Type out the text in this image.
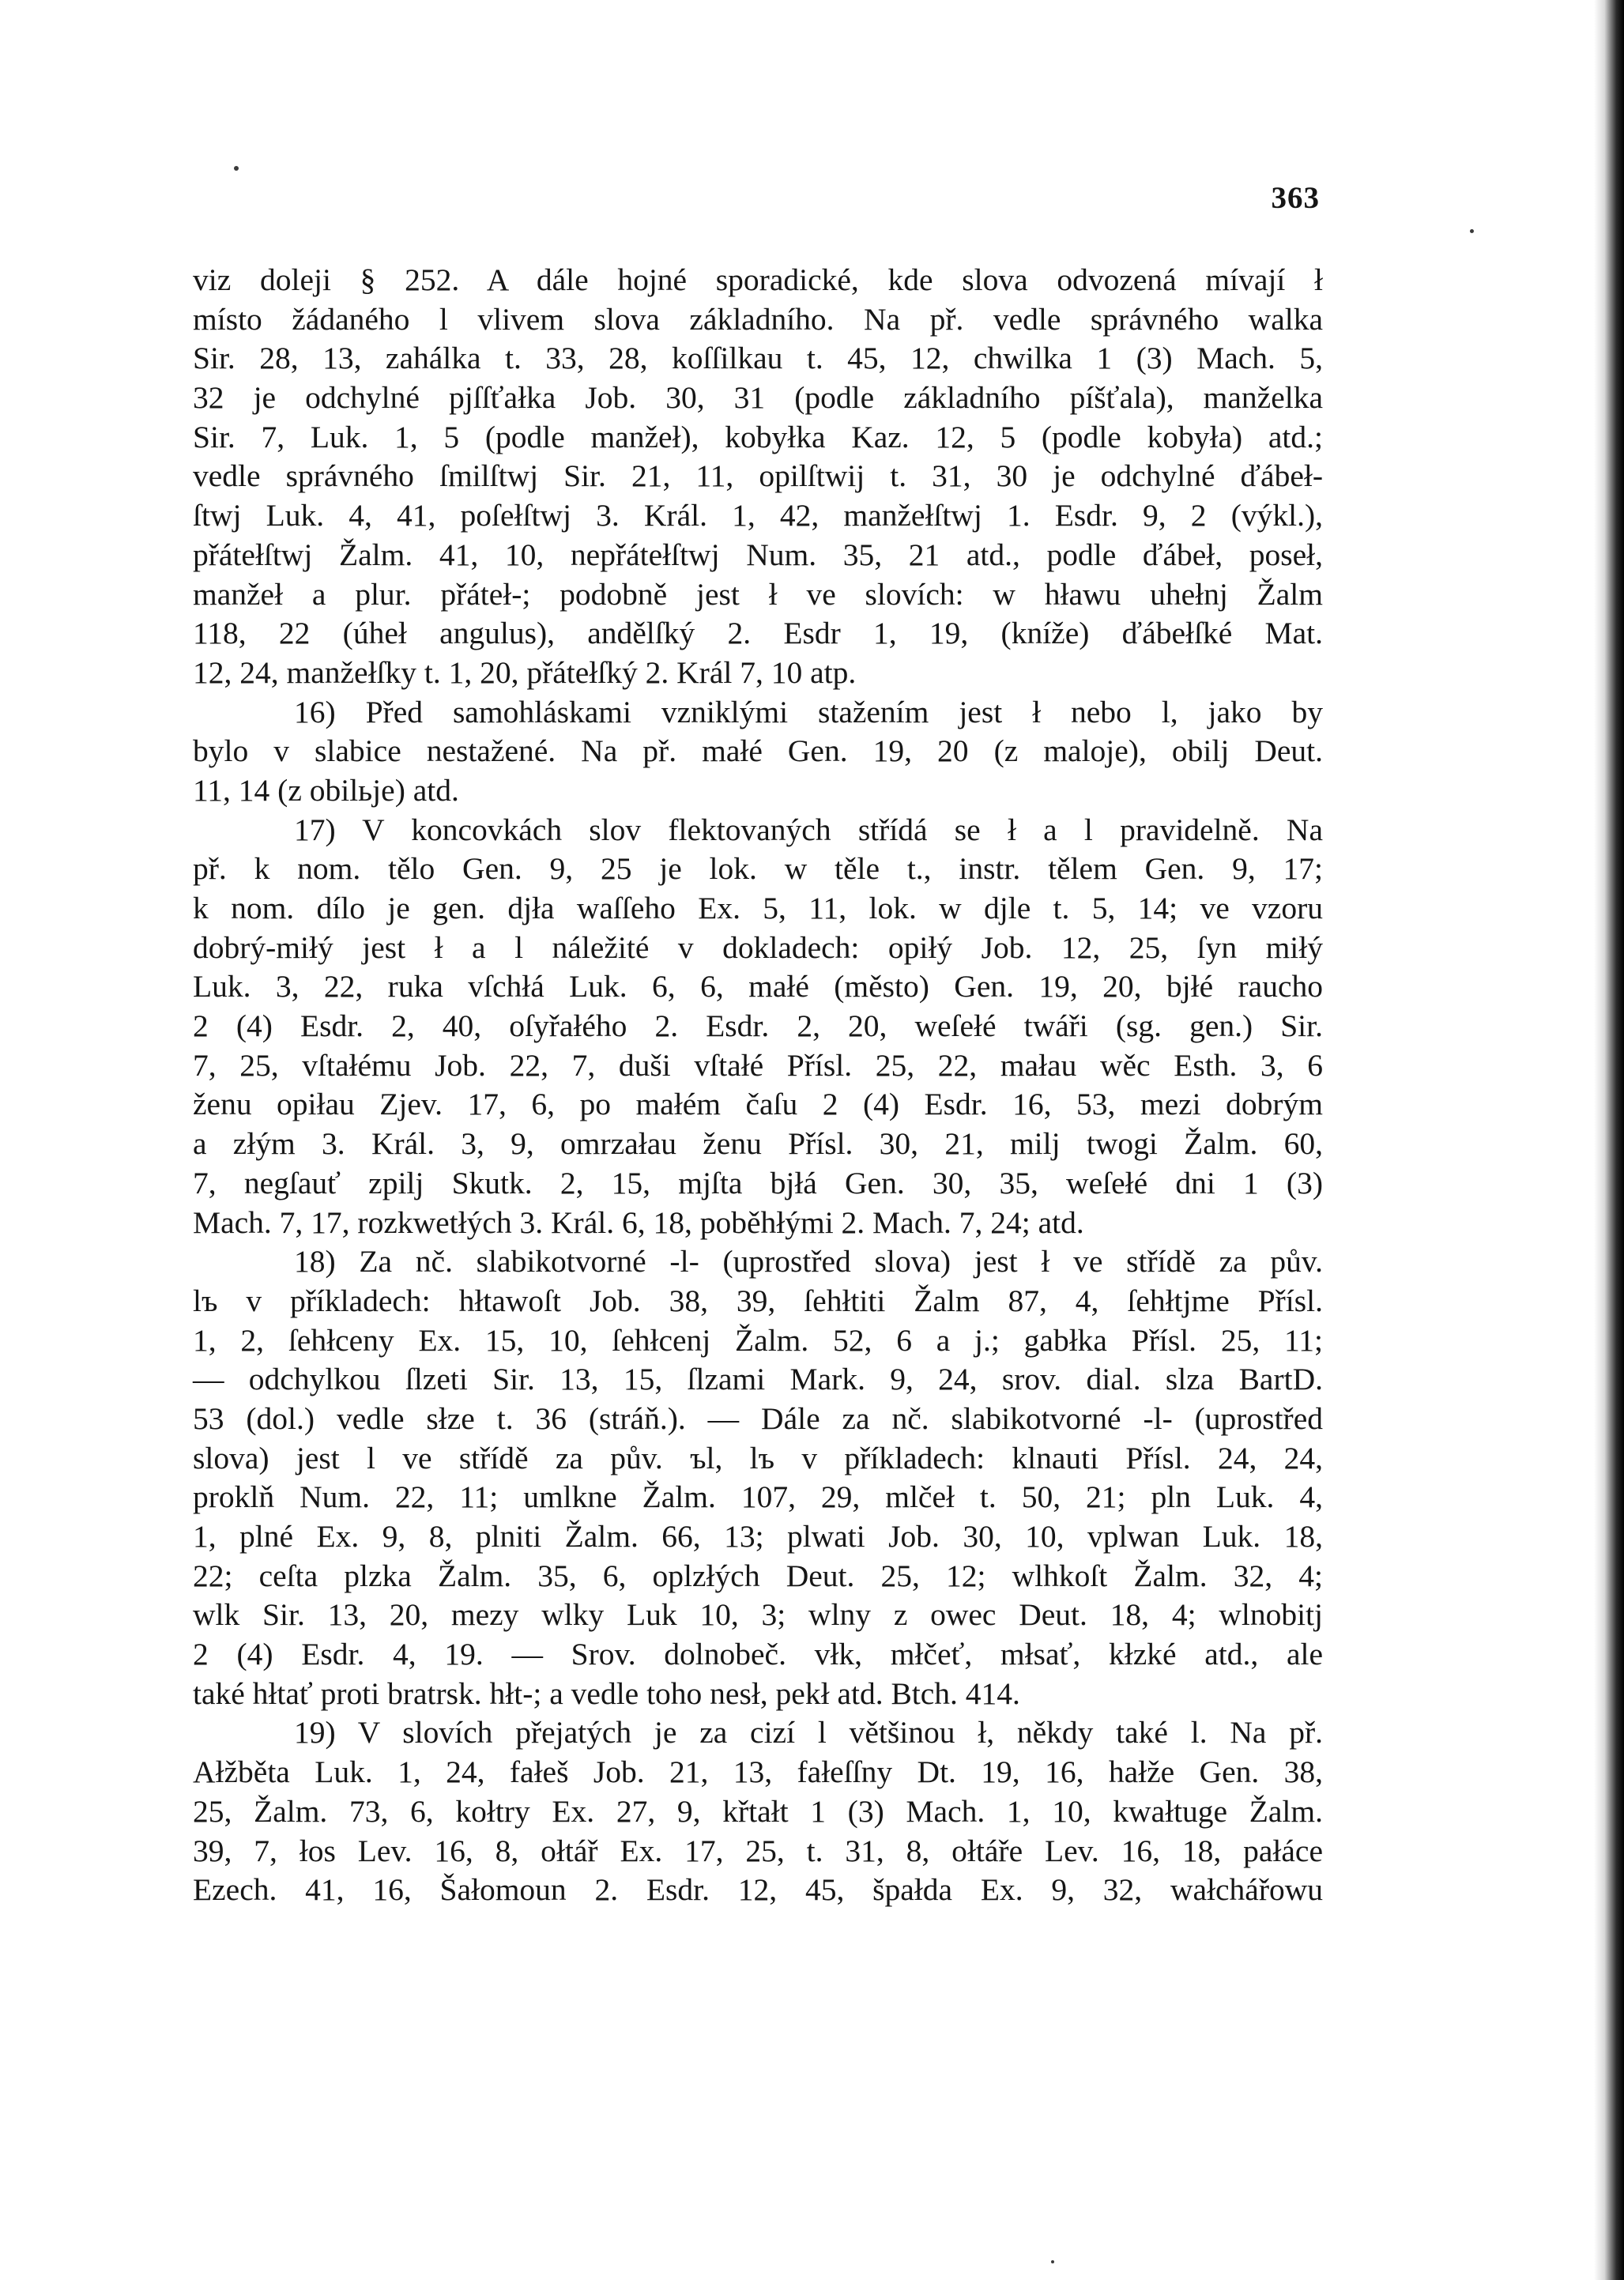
363
viz doleji § 252. A dále hojné sporadické, kde slova odvozená mívají ł
místo žádaného l vlivem slova základního. Na př. vedle správného walka
Sir. 28, 13, zahálka t. 33, 28, koſſilkau t. 45, 12, chwilka 1 (3) Mach. 5,
32 je odchylné pjſſťałka Job. 30, 31 (podle základního píšťala), manželka
Sir. 7, Luk. 1, 5 (podle manžeł), kobyłka Kaz. 12, 5 (podle kobyła) atd.;
vedle správného ſmilſtwj Sir. 21, 11, opilſtwij t. 31, 30 je odchylné ďábeł-
ſtwj Luk. 4, 41, poſełſtwj 3. Král. 1, 42, manžełſtwj 1. Esdr. 9, 2 (výkl.),
přátełſtwj Žalm. 41, 10, nepřátełſtwj Num. 35, 21 atd., podle ďábeł, poseł,
manžeł a plur. přáteł-; podobně jest ł ve slovích: w hławu uhełnj Žalm
118, 22 (úheł angulus), andělſký 2. Esdr 1, 19, (kníže) ďábełſké Mat.
12, 24, manžełſky t. 1, 20, přátełſký 2. Král 7, 10 atp.
16) Před samohláskami vzniklými stažením jest ł nebo l, jako by
bylo v slabice nestažené. Na př. małé Gen. 19, 20 (z maloje), obilj Deut.
11, 14 (z obilьje) atd.
17) V koncovkách slov flektovaných střídá se ł a l pravidelně. Na
př. k nom. tělo Gen. 9, 25 je lok. w těle t., instr. tělem Gen. 9, 17;
k nom. dílo je gen. djła waſſeho Ex. 5, 11, lok. w djle t. 5, 14; ve vzoru
dobrý-miłý jest ł a l náležité v dokladech: opiłý Job. 12, 25, ſyn miłý
Luk. 3, 22, ruka vſchłá Luk. 6, 6, małé (město) Gen. 19, 20, bjłé raucho
2 (4) Esdr. 2, 40, oſyřałého 2. Esdr. 2, 20, weſełé twáři (sg. gen.) Sir.
7, 25, vſtałému Job. 22, 7, duši vſtałé Přísl. 25, 22, małau wěc Esth. 3, 6
ženu opiłau Zjev. 17, 6, po małém čaſu 2 (4) Esdr. 16, 53, mezi dobrým
a złým 3. Král. 3, 9, omrzałau ženu Přísl. 30, 21, milj twogi Žalm. 60,
7, negſauť zpilj Skutk. 2, 15, mjſta bjłá Gen. 30, 35, weſełé dni 1 (3)
Mach. 7, 17, rozkwetłých 3. Král. 6, 18, poběhłými 2. Mach. 7, 24; atd.
18) Za nč. slabikotvorné -l- (uprostřed slova) jest ł ve střídě za pův.
lъ v příkladech: hłtawoſt Job. 38, 39, ſehłtiti Žalm 87, 4, ſehłtjme Přísl.
1, 2, ſehłceny Ex. 15, 10, ſehłcenj Žalm. 52, 6 a j.; gabłka Přísl. 25, 11;
— odchylkou ſlzeti Sir. 13, 15, ſlzami Mark. 9, 24, srov. dial. slza BartD.
53 (dol.) vedle słze t. 36 (stráň.). — Dále za nč. slabikotvorné -l- (uprostřed
slova) jest l ve střídě za pův. ъl, lъ v příkladech: klnauti Přísl. 24, 24,
proklň Num. 22, 11; umlkne Žalm. 107, 29, mlčeł t. 50, 21; pln Luk. 4,
1, plné Ex. 9, 8, plniti Žalm. 66, 13; plwati Job. 30, 10, vplwan Luk. 18,
22; ceſta plzka Žalm. 35, 6, oplzłých Deut. 25, 12; wlhkoſt Žalm. 32, 4;
wlk Sir. 13, 20, mezy wlky Luk 10, 3; wlny z owec Deut. 18, 4; wlnobitj
2 (4) Esdr. 4, 19. — Srov. dolnobeč. vłk, młčeť, młsať, kłzké atd., ale
také hłtať proti bratrsk. hłt-; a vedle toho nesł, pekł atd. Btch. 414.
19) V slovích přejatých je za cizí l většinou ł, někdy také l. Na př.
Ałžběta Luk. 1, 24, fałeš Job. 21, 13, fałeſſny Dt. 19, 16, hałže Gen. 38,
25, Žalm. 73, 6, kołtry Ex. 27, 9, křtałt 1 (3) Mach. 1, 10, kwałtuge Žalm.
39, 7, łos Lev. 16, 8, ołtář Ex. 17, 25, t. 31, 8, ołtáře Lev. 16, 18, pałáce
Ezech. 41, 16, Šałomoun 2. Esdr. 12, 45, špałda Ex. 9, 32, wałchářowu
